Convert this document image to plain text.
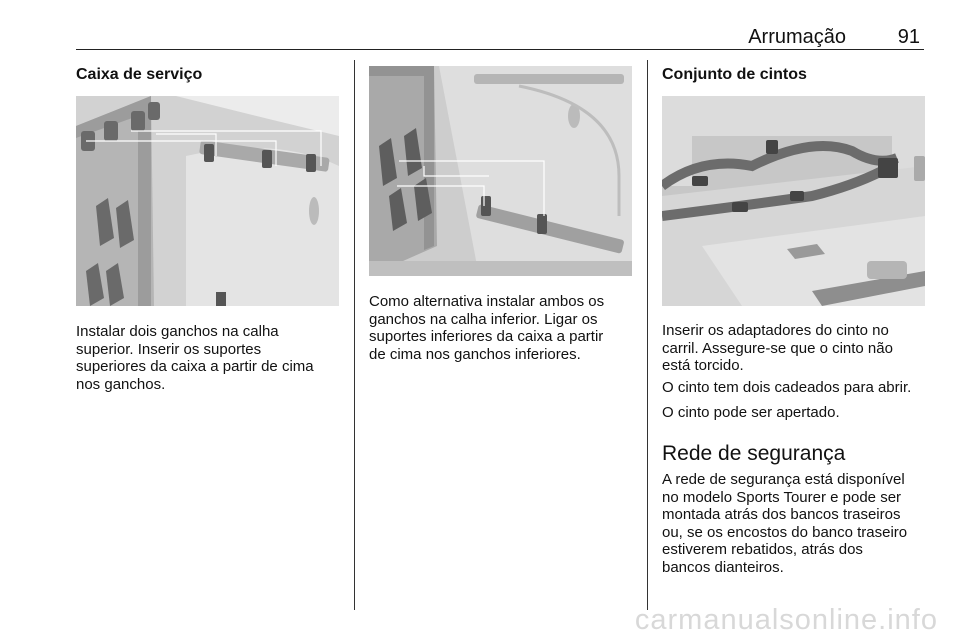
Arrumação	91
Caixa de serviço

Instalar dois ganchos na calha
superior. Inserir os suportes
superiores da caixa a partir de cima
nos ganchos.

Como alternativa instalar ambos os
ganchos na calha inferior. Ligar os
suportes inferiores da caixa a partir
de cima nos ganchos inferiores.

Conjunto de cintos

Inserir os adaptadores do cinto no
carril. Assegure-se que o cinto não
está torcido.

O cinto tem dois cadeados para abrir.

O cinto pode ser apertado.

Rede de segurança

A rede de segurança está disponível
no modelo Sports Tourer e pode ser
montada atrás dos bancos traseiros
ou, se os encostos do banco traseiro
estiverem rebatidos, atrás dos
bancos dianteiros.

carmanualsonline.info
